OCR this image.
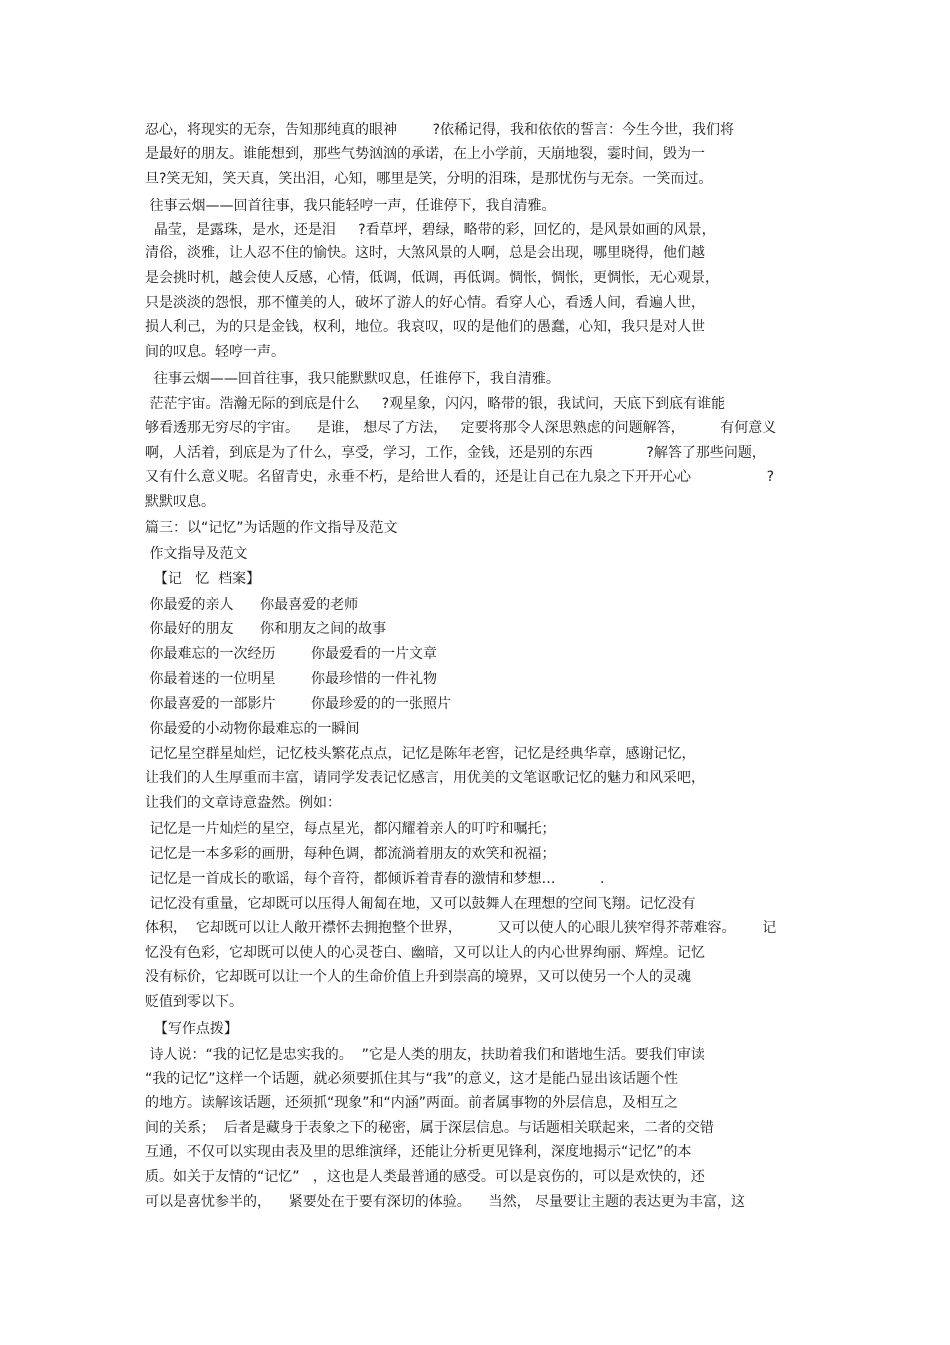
忍心，将现实的无奈，告知那纯真的眼神        ?依稀记得，我和依依的誓言：今生今世，我们将
是最好的朋友。谁能想到，那些气势汹汹的承诺，在上小学前，天崩地裂，霎时间，毁为一
旦?笑无知，笑天真，笑出泪，心知，哪里是笑，分明的泪珠，是那忧伤与无奈。一笑而过。
往事云烟——回首往事，我只能轻哼一声，任谁停下，我自清雅。
晶莹，是露珠，是水，还是泪     ?看草坪，碧绿，略带的彩，回忆的，是风景如画的风景，
清俗，淡雅，让人忍不住的愉快。这时，大煞风景的人啊，总是会出现，哪里晓得，他们越
是会挑时机，越会使人反感，心情，低调，低调，再低调。惆怅，惆怅，更惆怅，无心观景，
只是淡淡的怨恨，那不懂美的人，破坏了游人的好心情。看穿人心，看透人间，看遍人世，
损人利己，为的只是金钱，权利，地位。我哀叹，叹的是他们的愚蠢，心知，我只是对人世
间的叹息。轻哼一声。
往事云烟——回首往事，我只能默默叹息，任谁停下，我自清雅。
茫茫宇宙。浩瀚无际的到底是什么     ?观星象，闪闪，略带的银，我试问，天底下到底有谁能
够看透那无穷尽的宇宙。    是谁， 想尽了方法，   定要将那令人深思熟虑的问题解答，        有何意义
啊，人活着，到底是为了什么，享受，学习，工作，金钱，还是别的东西            ?解答了那些问题，
又有什么意义呢。名留青史，永垂不朽，是给世人看的，还是让自己在九泉之下开开心心                 ?
默默叹息。
篇三：以“记忆”为话题的作文指导及范文
作文指导及范文
【记   忆  档案】
你最爱的亲人      你最喜爱的老师
你最好的朋友      你和朋友之间的故事
你最难忘的一次经历        你最爱看的一片文章
你最着迷的一位明星        你最珍惜的一件礼物
你最喜爱的一部影片        你最珍爱的的一张照片
你最爱的小动物你最难忘的一瞬间
记忆星空群星灿烂，记忆枝头繁花点点，记忆是陈年老窖，记忆是经典华章，感谢记忆，
让我们的人生厚重而丰富，请同学发表记忆感言，用优美的文笔讴歌记忆的魅力和风采吧，
让我们的文章诗意盎然。例如：
记忆是一片灿烂的星空，每点星光，都闪耀着亲人的叮咛和嘱托；
记忆是一本多彩的画册，每种色调，都流淌着朋友的欢笑和祝福；
记忆是一首成长的歌谣，每个音符，都倾诉着青春的激情和梦想…          .
记忆没有重量，它却既可以压得人匍匐在地，又可以鼓舞人在理想的空间飞翔。记忆没有
体积，  它却既可以让人敞开襟怀去拥抱整个世界，        又可以使人的心眼儿狭窄得芥蒂难容。      记
忆没有色彩，它却既可以使人的心灵苍白、幽暗，又可以让人的内心世界绚丽、辉煌。记忆
没有标价，它却既可以让一个人的生命价值上升到崇高的境界，又可以使另一个人的灵魂
贬值到零以下。
【写作点拨】
诗人说：“我的记忆是忠实我的。  ”它是人类的朋友，扶助着我们和谐地生活。要我们审读
“我的记忆”这样一个话题，就必须要抓住其与“我”的意义，这才是能凸显出该话题个性
的地方。读解该话题，还须抓“现象”和“内涵”两面。前者属事物的外层信息，及相互之
间的关系；  后者是藏身于表象之下的秘密，属于深层信息。与话题相关联起来，二者的交错
互通，不仅可以实现由表及里的思维演绎，还能让分析更见锋利，深度地揭示“记忆”的本
质。如关于友情的“记忆”   ，这也是人类最普通的感受。可以是哀伤的，可以是欢快的，还
可以是喜忧参半的，    紧要处在于要有深切的体验。    当然， 尽量要让主题的表达更为丰富，这
